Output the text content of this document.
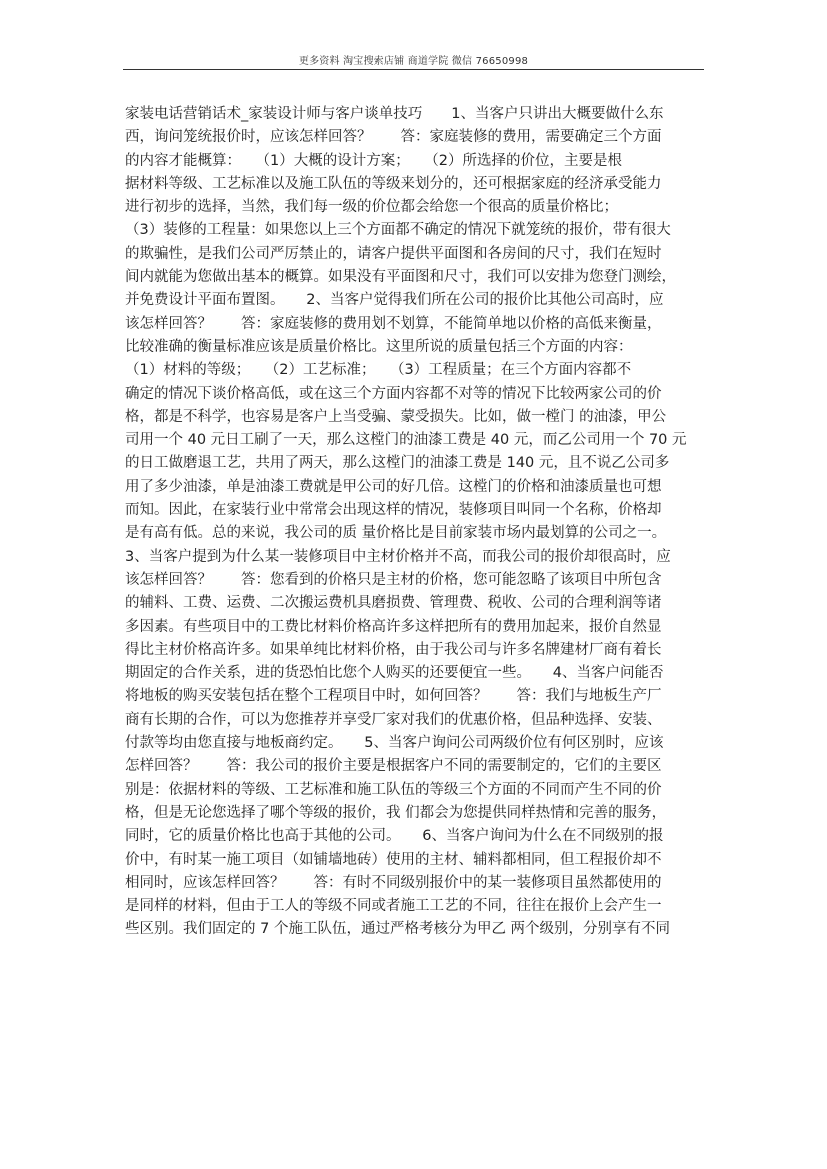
更多资料 淘宝搜索店铺 商道学院 微信 76650998
家装电话营销话术_家装设计师与客户谈单技巧　　1、当客户只讲出大概要做什么东
西，询问笼统报价时，应该怎样回答？　　答：家庭装修的费用，需要确定三个方面
的内容才能概算：　　（1）大概的设计方案；　　（2）所选择的价位，主要是根
据材料等级、工艺标准以及施工队伍的等级来划分的，还可根据家庭的经济承受能力
进行初步的选择，当然，我们每一级的价位都会给您一个很高的质量价格比；
（3）装修的工程量：如果您以上三个方面都不确定的情况下就笼统的报价，带有很大
的欺骗性，是我们公司严厉禁止的，请客户提供平面图和各房间的尺寸，我们在短时
间内就能为您做出基本的概算。如果没有平面图和尺寸，我们可以安排为您登门测绘，
并免费设计平面布置图。　　2、当客户觉得我们所在公司的报价比其他公司高时，应
该怎样回答？　　答：家庭装修的费用划不划算，不能简单地以价格的高低来衡量，
比较准确的衡量标准应该是质量价格比。这里所说的质量包括三个方面的内容：
（1）材料的等级；　　（2）工艺标准；　　（3）工程质量；在三个方面内容都不
确定的情况下谈价格高低，或在这三个方面内容都不对等的情况下比较两家公司的价
格，都是不科学，也容易是客户上当受骗、蒙受损失。比如，做一樘门 的油漆，甲公
司用一个 40 元日工刷了一天，那么这樘门的油漆工费是 40 元，而乙公司用一个 70 元
的日工做磨退工艺，共用了两天，那么这樘门的油漆工费是 140 元，且不说乙公司多
用了多少油漆，单是油漆工费就是甲公司的好几倍。这樘门的价格和油漆质量也可想
而知。因此，在家装行业中常常会出现这样的情况，装修项目叫同一个名称，价格却
是有高有低。总的来说，我公司的质 量价格比是目前家装市场内最划算的公司之一。
3、当客户提到为什么某一装修项目中主材价格并不高，而我公司的报价却很高时，应
该怎样回答？　　答：您看到的价格只是主材的价格，您可能忽略了该项目中所包含
的辅料、工费、运费、二次搬运费机具磨损费、管理费、税收、公司的合理利润等诸
多因素。有些项目中的工费比材料价格高许多这样把所有的费用加起来，报价自然显
得比主材价格高许多。如果单纯比材料价格，由于我公司与许多名牌建材厂商有着长
期固定的合作关系，进的货恐怕比您个人购买的还要便宜一些。　　4、当客户问能否
将地板的购买安装包括在整个工程项目中时，如何回答？　　答：我们与地板生产厂
商有长期的合作，可以为您推荐并享受厂家对我们的优惠价格，但品种选择、安装、
付款等均由您直接与地板商约定。　　5、当客户询问公司两级价位有何区别时，应该
怎样回答？　　答：我公司的报价主要是根据客户不同的需要制定的，它们的主要区
别是：依据材料的等级、工艺标准和施工队伍的等级三个方面的不同而产生不同的价
格，但是无论您选择了哪个等级的报价，我 们都会为您提供同样热情和完善的服务，
同时，它的质量价格比也高于其他的公司。　　6、当客户询问为什么在不同级别的报
价中，有时某一施工项目（如铺墙地砖）使用的主材、辅料都相同，但工程报价却不
相同时，应该怎样回答？　　答：有时不同级别报价中的某一装修项目虽然都使用的
是同样的材料，但由于工人的等级不同或者施工工艺的不同，往往在报价上会产生一
些区别。我们固定的 7 个施工队伍，通过严格考核分为甲乙 两个级别，分别享有不同
